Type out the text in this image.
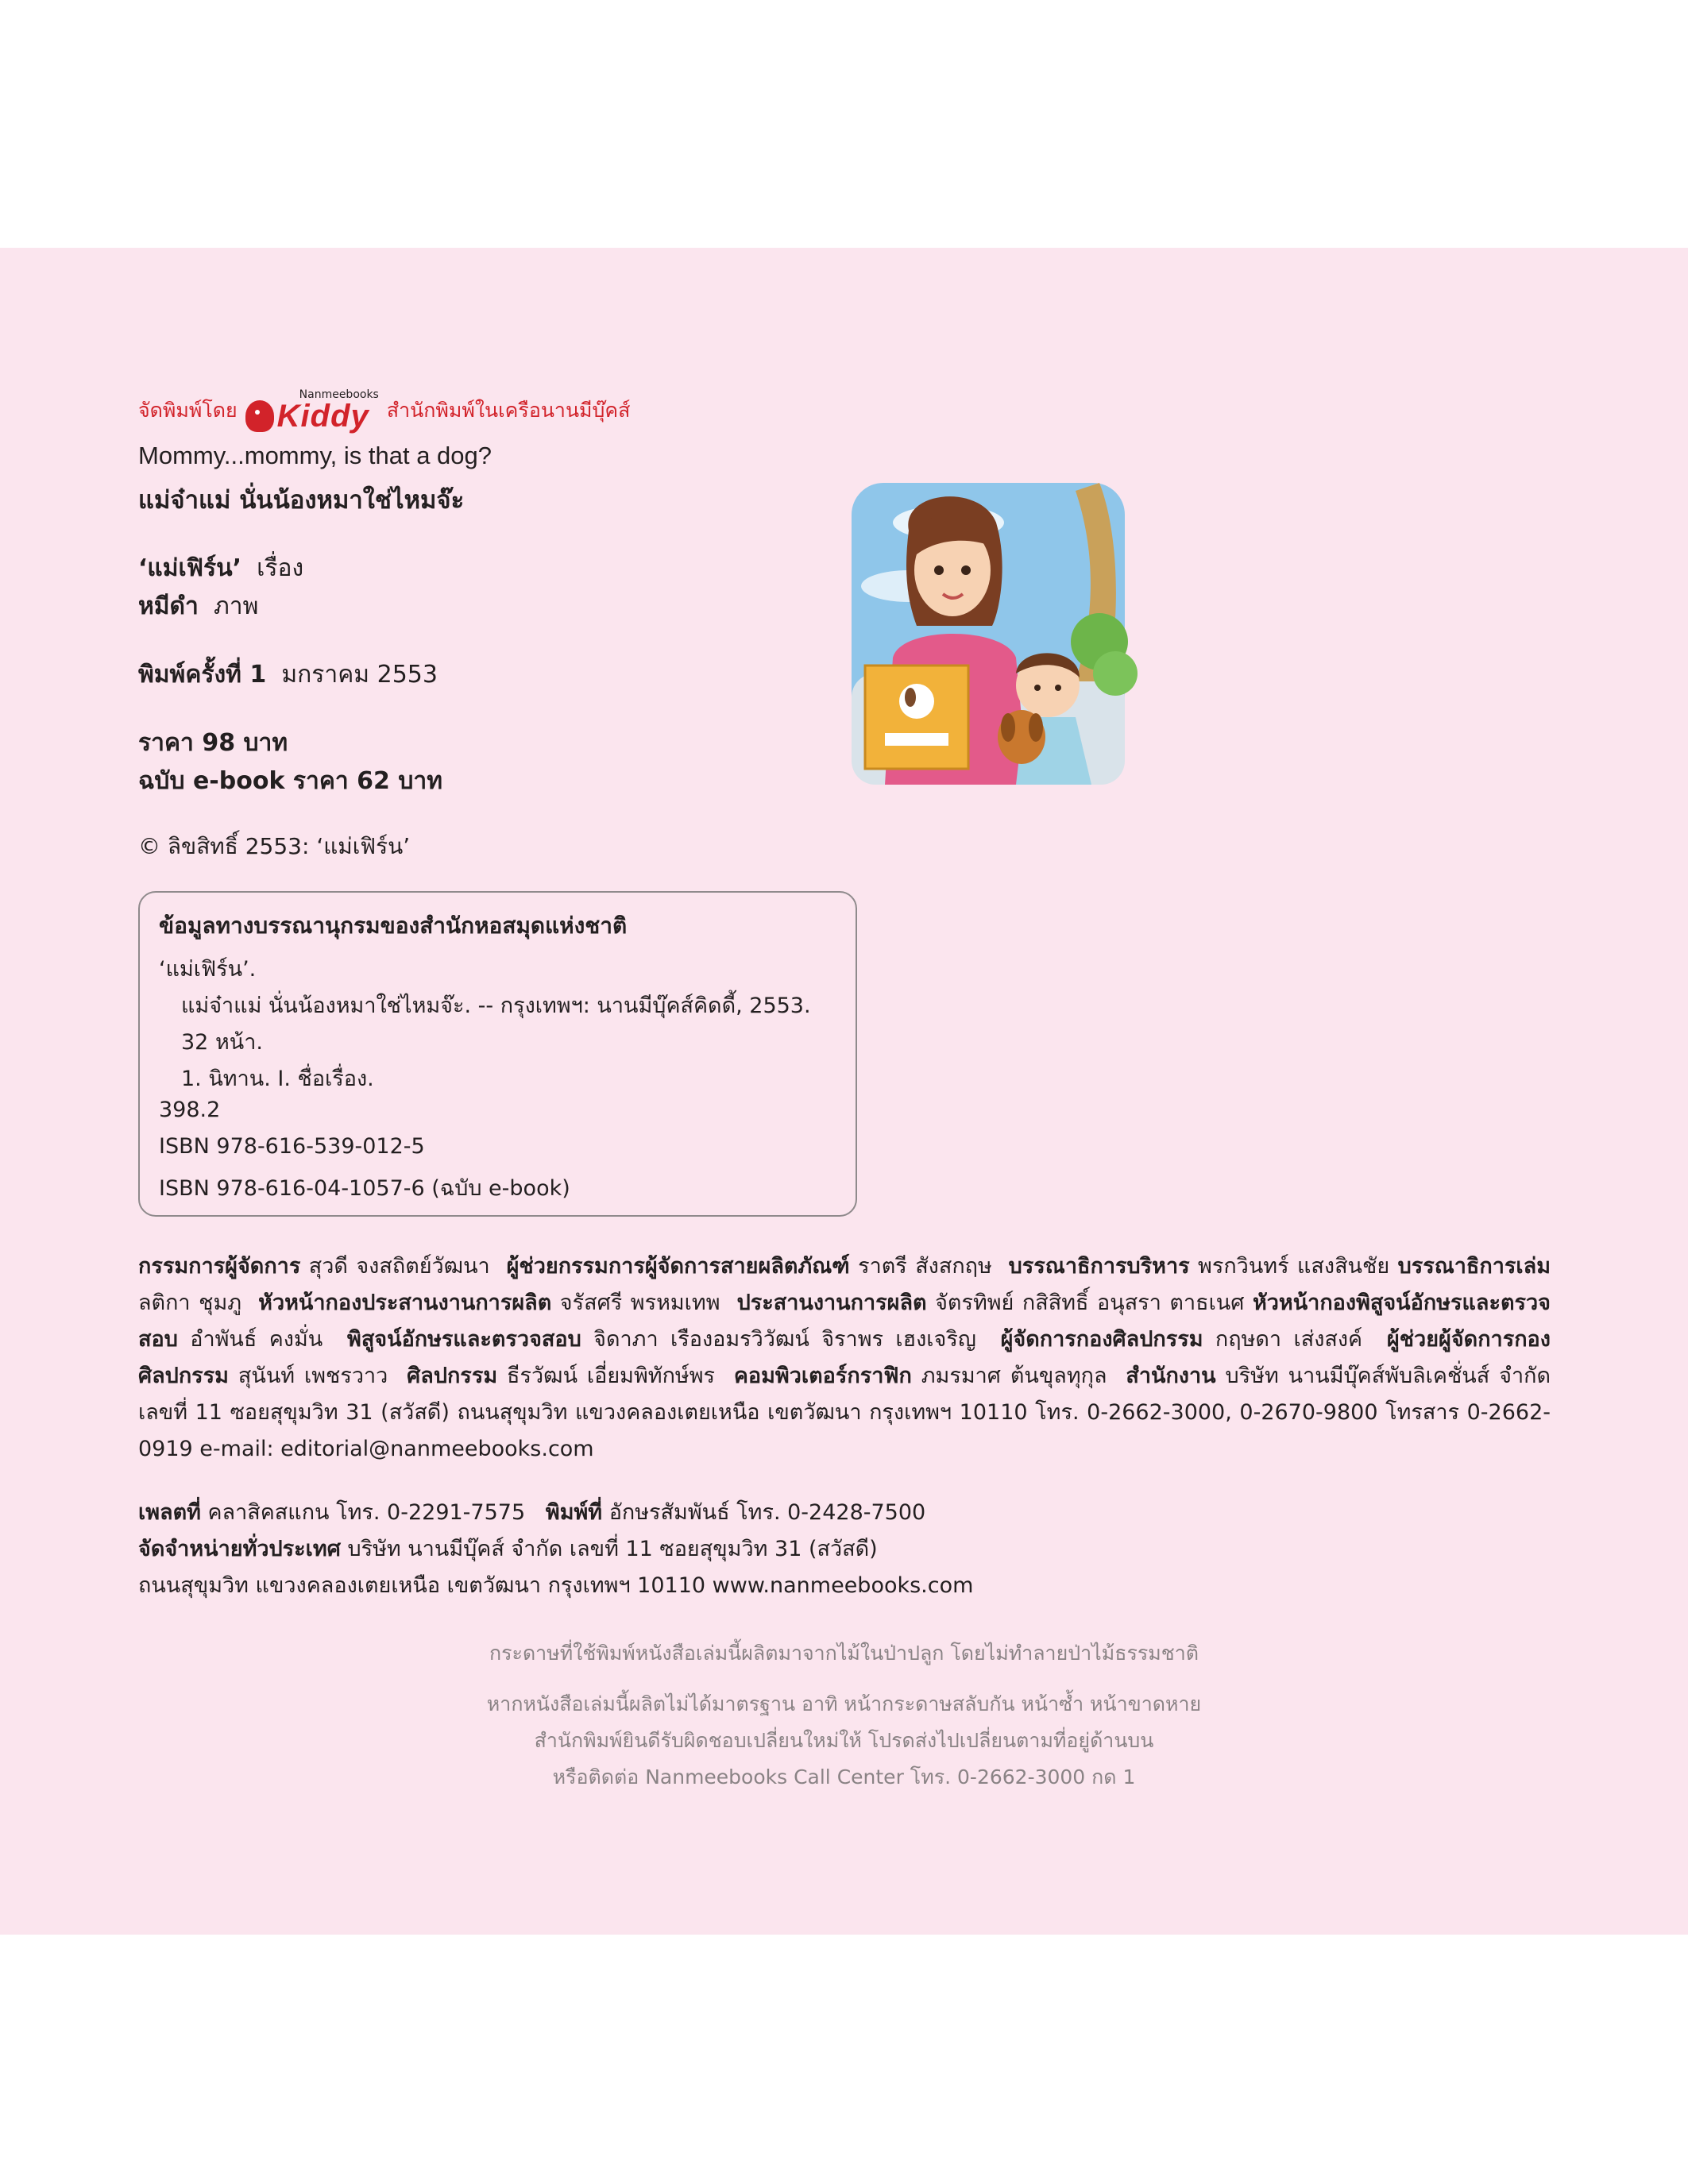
จัดพิมพ์โดย
Nanmeebooks
Kiddy สำนักพิมพ์ในเครือนานมีบุ๊คส์
Mommy...mommy, is that a dog?
แม่จ๋าแม่ นั่นน้องหมาใช่ไหมจ๊ะ
‘แม่เฟิร์น’ เรื่อง
หมีดำ ภาพ
พิมพ์ครั้งที่ 1 มกราคม 2553
ราคา 98 บาท
ฉบับ e-book ราคา 62 บาท
© ลิขสิทธิ์ 2553: ‘แม่เฟิร์น’
ข้อมูลทางบรรณานุกรมของสำนักหอสมุดแห่งชาติ
‘แม่เฟิร์น’.
แม่จ๋าแม่ นั่นน้องหมาใช่ไหมจ๊ะ. -- กรุงเทพฯ: นานมีบุ๊คส์คิดดี้, 2553.
32 หน้า.
1. นิทาน. I. ชื่อเรื่อง.
398.2
ISBN 978-616-539-012-5
ISBN 978-616-04-1057-6 (ฉบับ e-book)
กรรมการผู้จัดการ สุวดี จงสถิตย์วัฒนา ผู้ช่วยกรรมการผู้จัดการสายผลิตภัณฑ์ ราตรี สังสกฤษ บรรณาธิการบริหาร พรกวินทร์ แสงสินชัย บรรณาธิการเล่ม ลติกา ชุมภู หัวหน้ากองประสานงานการผลิต จรัสศรี พรหมเทพ ประสานงานการผลิต จัตรทิพย์ กสิสิทธิ์ อนุสรา ตาธเนศ หัวหน้ากองพิสูจน์อักษรและตรวจสอบ อำพันธ์ คงมั่น พิสูจน์อักษรและตรวจสอบ จิดาภา เรืองอมรวิวัฒน์ จิราพร เฮงเจริญ ผู้จัดการกองศิลปกรรม กฤษดา เส่งสงค์ ผู้ช่วยผู้จัดการกองศิลปกรรม สุนันท์ เพชรวาว ศิลปกรรม ธีรวัฒน์ เอี่ยมพิทักษ์พร คอมพิวเตอร์กราฟิก ภมรมาศ ต้นขุลทุกุล สำนักงาน บริษัท นานมีบุ๊คส์พับลิเคชั่นส์ จำกัด เลขที่ 11 ซอยสุขุมวิท 31 (สวัสดี) ถนนสุขุมวิท แขวงคลองเตยเหนือ เขตวัฒนา กรุงเทพฯ 10110 โทร. 0-2662-3000, 0-2670-9800 โทรสาร 0-2662-0919 e-mail: editorial@nanmeebooks.com
เพลตที่ คลาสิคสแกน โทร. 0-2291-7575 พิมพ์ที่ อักษรสัมพันธ์ โทร. 0-2428-7500
จัดจำหน่ายทั่วประเทศ บริษัท นานมีบุ๊คส์ จำกัด เลขที่ 11 ซอยสุขุมวิท 31 (สวัสดี)
ถนนสุขุมวิท แขวงคลองเตยเหนือ เขตวัฒนา กรุงเทพฯ 10110 www.nanmeebooks.com
กระดาษที่ใช้พิมพ์หนังสือเล่มนี้ผลิตมาจากไม้ในป่าปลูก โดยไม่ทำลายป่าไม้ธรรมชาติ
หากหนังสือเล่มนี้ผลิตไม่ได้มาตรฐาน อาทิ หน้ากระดาษสลับกัน หน้าซ้ำ หน้าขาดหาย
สำนักพิมพ์ยินดีรับผิดชอบเปลี่ยนใหม่ให้ โปรดส่งไปเปลี่ยนตามที่อยู่ด้านบน
หรือติดต่อ Nanmeebooks Call Center โทร. 0-2662-3000 กด 1
